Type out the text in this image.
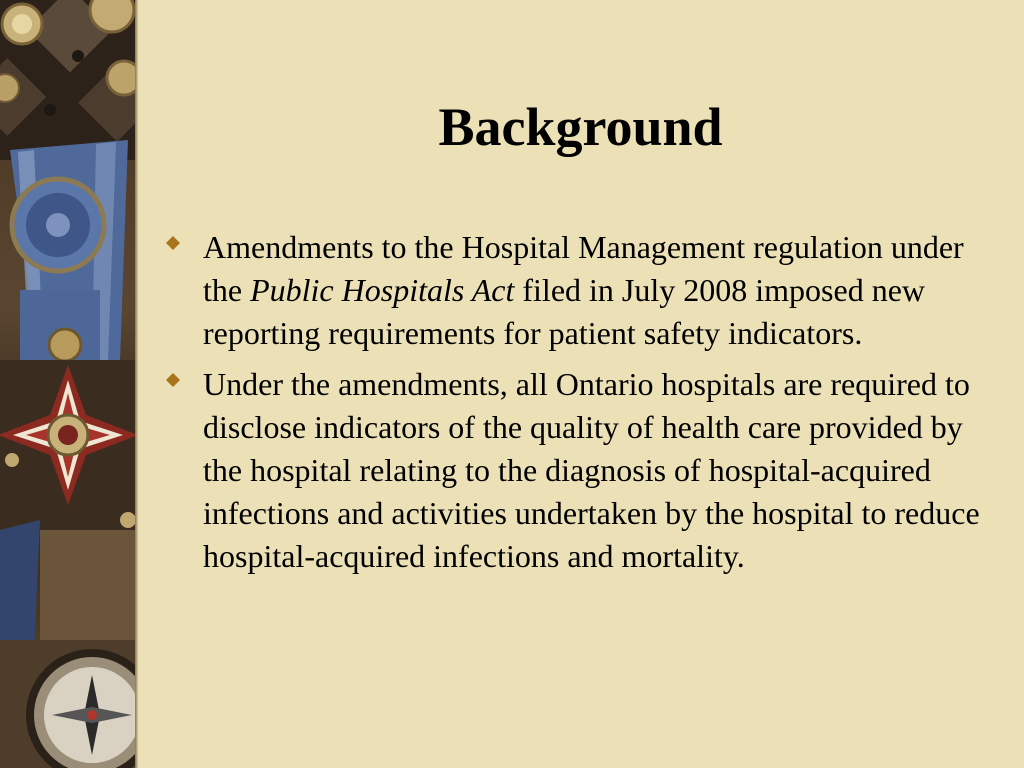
Background
Amendments to the Hospital Management regulation under the Public Hospitals Act filed in July 2008 imposed new reporting requirements for patient safety indicators.
Under the amendments, all Ontario hospitals are required to disclose indicators of the quality of health care provided by the hospital relating to the diagnosis of hospital-acquired infections and activities undertaken by the hospital to reduce hospital-acquired infections and mortality.
